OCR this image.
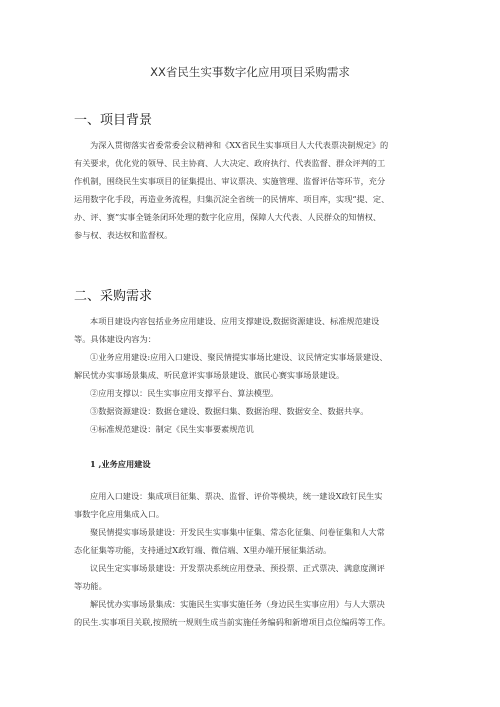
XX省民生实事数字化应用项目采购需求
一、项目背景
为深入贯彻落实省委常委会议精神和《XX省民生实事项目人大代表票决制规定》的
有关要求，优化党的领导、民主协商、人大决定、政府执行、代表监督、群众评判的工
作机制，围绕民生实事项目的征集提出、审议票决、实施管理、监督评估等环节，充分
运用数字化手段，再造业务流程，归集沉淀全省统一的民情库、项目库，实现“提、定、
办、评、赛”实事全链条闭环处理的数字化应用，保障人大代表、人民群众的知情权、
参与权、表达权和监督权。
二、采购需求
本项目建设内容包括业务应用建设、应用支撑建设,数据资源建设、标准规范建设
等。具体建设内容为：
①业务应用建设:应用入口建设、聚民情提实事场比建设、议民情定实事场景建设、
解民忧办实事场景集成、听民意评实事场景建设、旗民心赛实事场景建设。
②应用支撑以：民生实事应用支撑平台、算法模型。
③数据资源建设：数据仓建设、数据归集、数据治理、数据安全、数据共享。
④标准规范建设：制定《民生实事要素规范讥
1 ,业务应用建设
应用入口建设：集成项目征集、票决、监督、评价等模块，统一建设X政钉民生实
事数字化应用集成入口。
聚民情提实事场景建设：开发民生实事集中征集、常态化征集、问卷征集和人大常
态化征集等功能，支持通过X政钉端、微信端、X里办端开展征集活动。
议民生定实事场景建设：开发票决系统应用登录、预投票、正式票决、满意度测评
等功能。
解民忧办实事场景集成：实施民生实事实施任务（身边民生实事应用）与人大票决
的民生.实事项目关联,按照统一规则生成当前实施任务编码和新增项目点位编码等工作。
